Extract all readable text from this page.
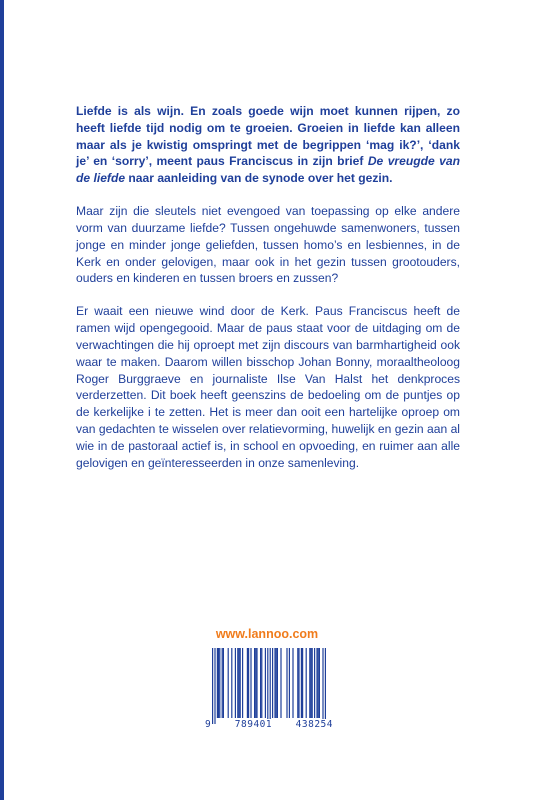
Liefde is als wijn. En zoals goede wijn moet kunnen rijpen, zo heeft liefde tijd nodig om te groeien. Groeien in liefde kan alleen maar als je kwistig omspringt met de begrippen ‘mag ik?’, ‘dank je’ en ‘sorry’, meent paus Franciscus in zijn brief De vreugde van de liefde naar aanleiding van de synode over het gezin.

Maar zijn die sleutels niet evengoed van toepassing op elke andere vorm van duurzame liefde? Tussen ongehuwde samenwoners, tussen jonge en minder jonge geliefden, tussen homo’s en lesbiennes, in de Kerk en onder gelovigen, maar ook in het gezin tussen grootouders, ouders en kinderen en tussen broers en zussen?

Er waait een nieuwe wind door de Kerk. Paus Franciscus heeft de ramen wijd opengegooid. Maar de paus staat voor de uitdaging om de verwachtingen die hij oproept met zijn discours van barmhartigheid ook waar te maken. Daarom willen bisschop Johan Bonny, moraaltheoloog Roger Burggraeve en journaliste Ilse Van Halst het denkproces verderzetten. Dit boek heeft geenszins de bedoeling om de puntjes op de kerkelijke i te zetten. Het is meer dan ooit een hartelijke oproep om van gedachten te wisselen over relatievorming, huwelijk en gezin aan al wie in de pastoraal actief is, in school en opvoeding, en ruimer aan alle gelovigen en geïnteresseerden in onze samenleving.

www.lannoo.com
9 789401 438254
